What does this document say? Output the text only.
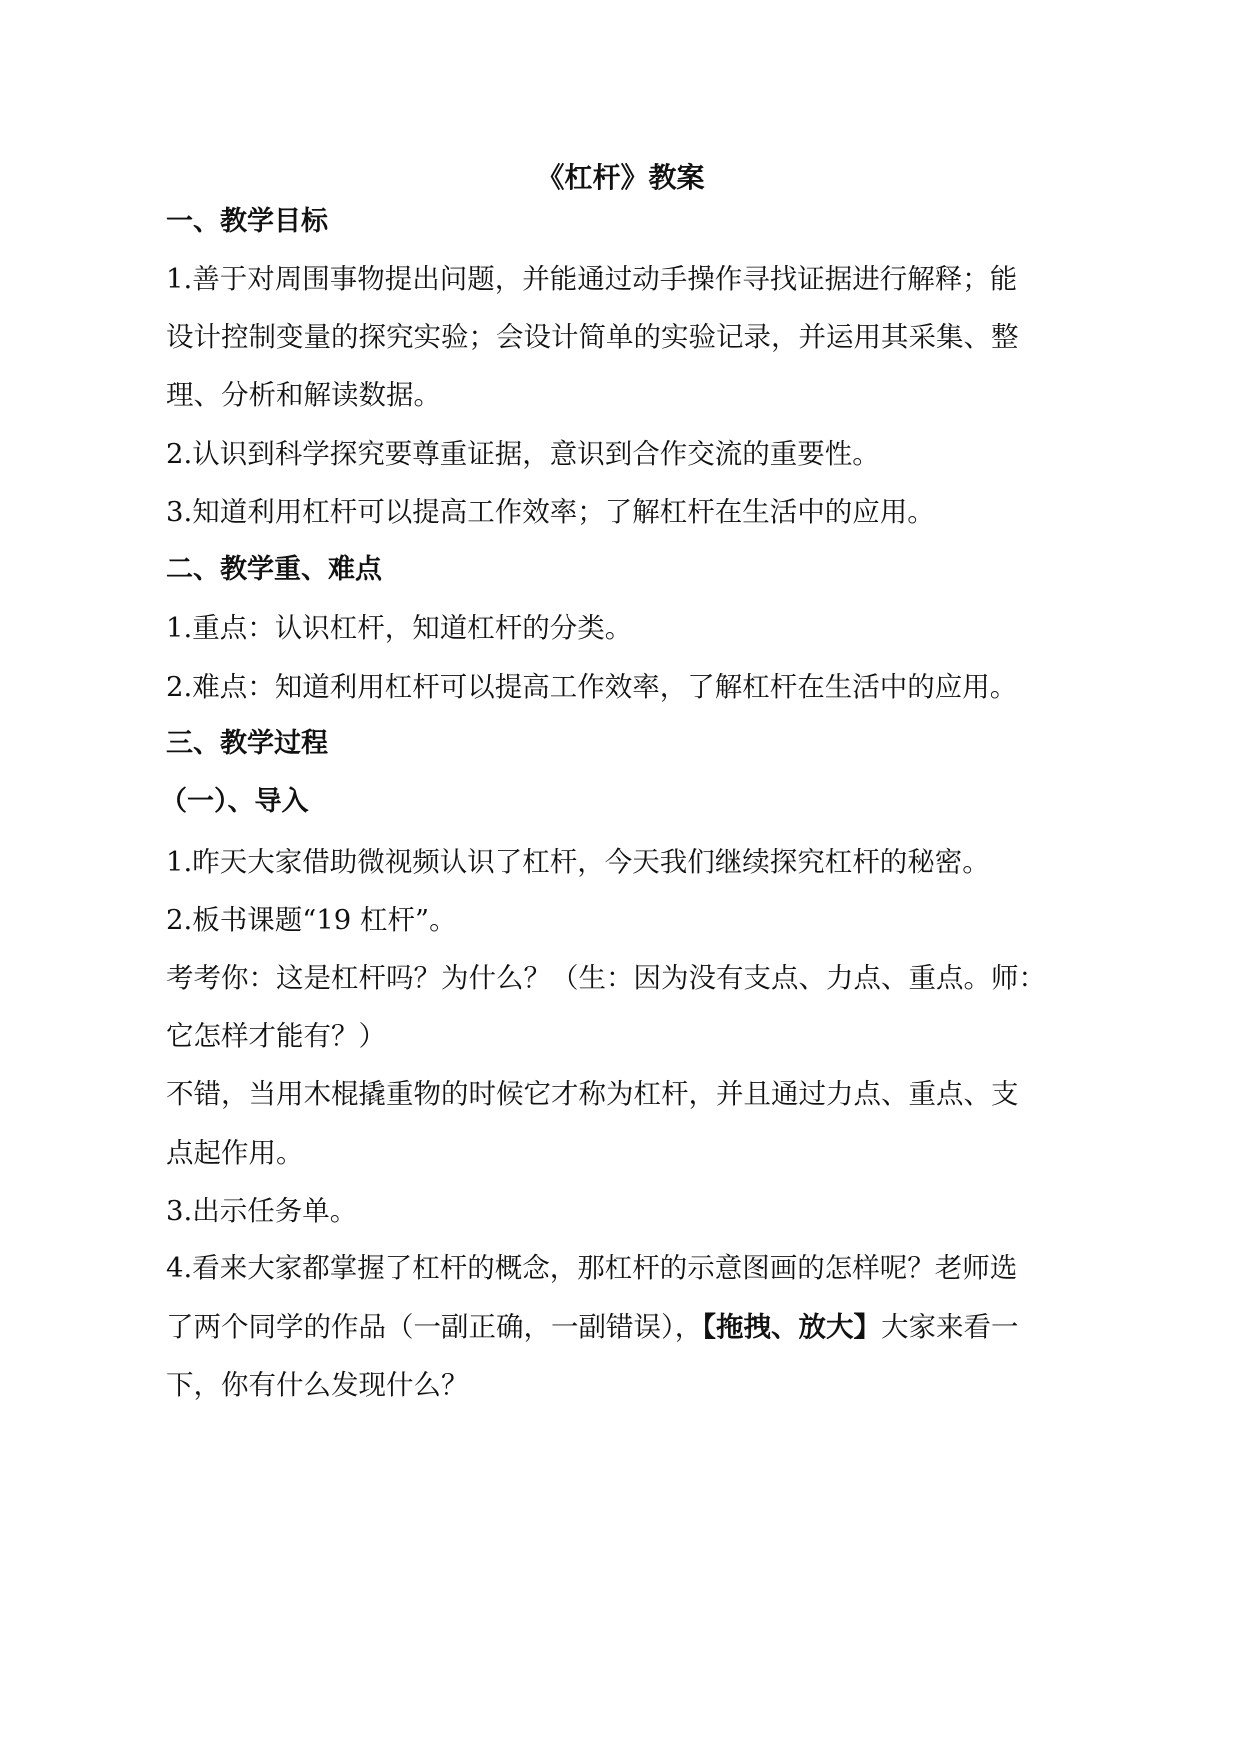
《杠杆》教案
一、教学目标
1.善于对周围事物提出问题，并能通过动手操作寻找证据进行解释；能
设计控制变量的探究实验；会设计简单的实验记录，并运用其采集、整
理、分析和解读数据。
2.认识到科学探究要尊重证据，意识到合作交流的重要性。
3.知道利用杠杆可以提高工作效率；了解杠杆在生活中的应用。
二、教学重、难点
1.重点：认识杠杆，知道杠杆的分类。
2.难点：知道利用杠杆可以提高工作效率，了解杠杆在生活中的应用。
三、教学过程
（一）、导入
1.昨天大家借助微视频认识了杠杆，今天我们继续探究杠杆的秘密。
2.板书课题“19 杠杆”。
考考你：这是杠杆吗？为什么？（生：因为没有支点、力点、重点。师：
它怎样才能有？）
不错，当用木棍撬重物的时候它才称为杠杆，并且通过力点、重点、支
点起作用。
3.出示任务单。
4.看来大家都掌握了杠杆的概念，那杠杆的示意图画的怎样呢？老师选
了两个同学的作品（一副正确，一副错误），【拖拽、放大】大家来看一
下，你有什么发现什么？
